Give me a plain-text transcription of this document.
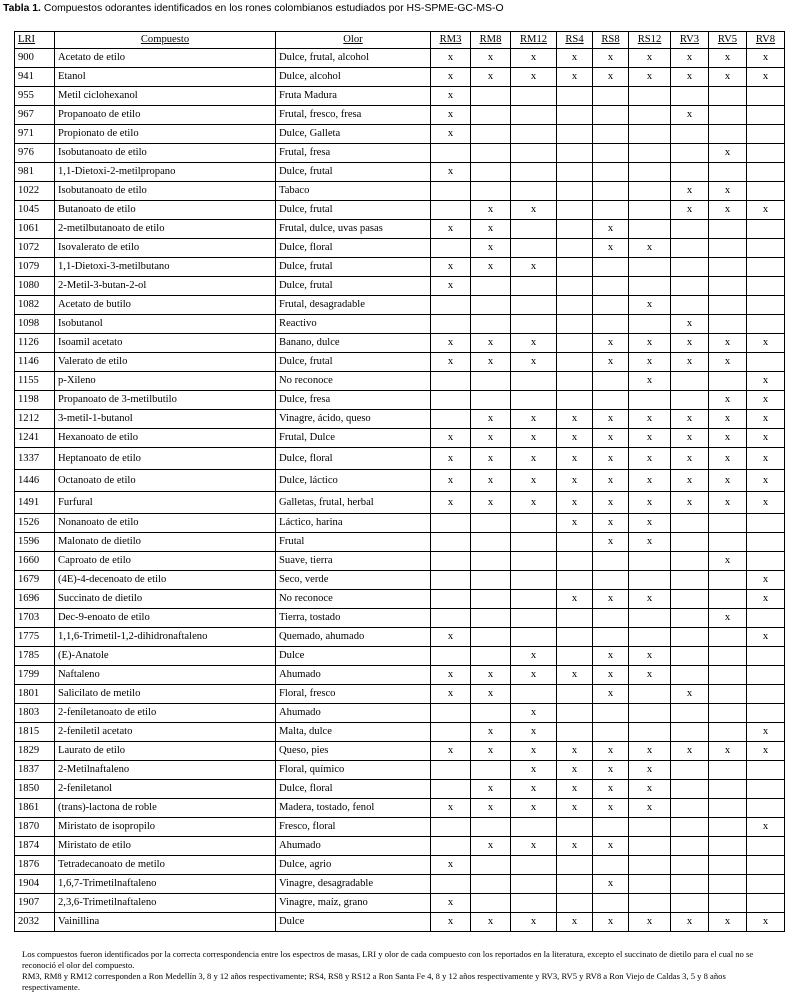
Tabla 1. Compuestos odorantes identificados en los rones colombianos estudiados por HS-SPME-GC-MS-O
LRI	Compuesto	Olor	RM3	RM8	RM12	RS4	RS8	RS12	RV3	RV5	RV8
900	Acetato de etilo	Dulce, frutal, alcohol	x	x	x	x	x	x	x	x	x
941	Etanol	Dulce, alcohol	x	x	x	x	x	x	x	x	x
955	Metil ciclohexanol	Fruta Madura	x								
967	Propanoato de etilo	Frutal, fresco, fresa	x						x		
971	Propionato de etilo	Dulce, Galleta	x								
976	Isobutanoato de etilo	Frutal, fresa								x	
981	1,1-Dietoxi-2-metilpropano	Dulce, frutal	x								
1022	Isobutanoato de etilo	Tabaco							x	x	
1045	Butanoato de etilo	Dulce, frutal		x	x				x	x	x
1061	2-metilbutanoato de etilo	Frutal, dulce, uvas pasas	x	x			x				
1072	Isovalerato de etilo	Dulce, floral		x			x	x			
1079	1,1-Dietoxi-3-metilbutano	Dulce, frutal	x	x	x						
1080	2-Metil-3-butan-2-ol	Dulce, frutal	x								
1082	Acetato de butilo	Frutal, desagradable						x			
1098	Isobutanol	Reactivo							x		
1126	Isoamil acetato	Banano, dulce	x	x	x		x	x	x	x	x
1146	Valerato de etilo	Dulce, frutal	x	x	x		x	x	x	x	
1155	p-Xileno	No reconoce						x			x
1198	Propanoato de 3-metilbutilo	Dulce, fresa								x	x
1212	3-metil-1-butanol	Vinagre, ácido, queso		x	x	x	x	x	x	x	x
1241	Hexanoato de etilo	Frutal, Dulce	x	x	x	x	x	x	x	x	x
1337	Heptanoato de etilo	Dulce, floral	x	x	x	x	x	x	x	x	x
1446	Octanoato de etilo	Dulce, láctico	x	x	x	x	x	x	x	x	x
1491	Furfural	Galletas, frutal, herbal	x	x	x	x	x	x	x	x	x
1526	Nonanoato de etilo	Láctico, harina				x	x	x			
1596	Malonato de dietilo	Frutal					x	x			
1660	Caproato de etilo	Suave, tierra								x	
1679	(4E)-4-decenoato de etilo	Seco, verde									x
1696	Succinato de dietilo	No reconoce				x	x	x			x
1703	Dec-9-enoato de etilo	Tierra, tostado								x	
1775	1,1,6-Trimetil-1,2-dihidronaftaleno	Quemado, ahumado	x								x
1785	(E)-Anatole	Dulce			x		x	x			
1799	Naftaleno	Ahumado	x	x	x	x	x	x			
1801	Salicilato de metilo	Floral, fresco	x	x			x		x		
1803	2-feniletanoato de etilo	Ahumado			x						
1815	2-feniletil acetato	Malta, dulce		x	x						x
1829	Laurato de etilo	Queso, pies	x	x	x	x	x	x	x	x	x
1837	2-Metilnaftaleno	Floral, químico			x	x	x	x			
1850	2-feniletanol	Dulce, floral		x	x	x	x	x			
1861	(trans)-lactona de roble	Madera, tostado, fenol	x	x	x	x	x	x			
1870	Miristato de isopropilo	Fresco, floral									x
1874	Miristato de etilo	Ahumado		x	x	x	x				
1876	Tetradecanoato de metilo	Dulce, agrio	x								
1904	1,6,7-Trimetilnaftaleno	Vinagre, desagradable					x				
1907	2,3,6-Trimetilnaftaleno	Vinagre, maíz, grano	x								
2032	Vainillina	Dulce	x	x	x	x	x	x	x	x	x

Los compuestos fueron identificados por la correcta correspondencia entre los espectros de masas, LRI y olor de cada compuesto con los reportados en la literatura, excepto el succinato de dietilo para el cual no se reconoció el olor del compuesto.

RM3, RM8 y RM12 corresponden a Ron Medellín 3, 8 y 12 años respectivamente; RS4, RS8 y RS12 a Ron Santa Fe 4, 8 y 12 años respectivamente y RV3, RV5 y RV8 a Ron Viejo de Caldas 3, 5 y 8 años respectivamente.
